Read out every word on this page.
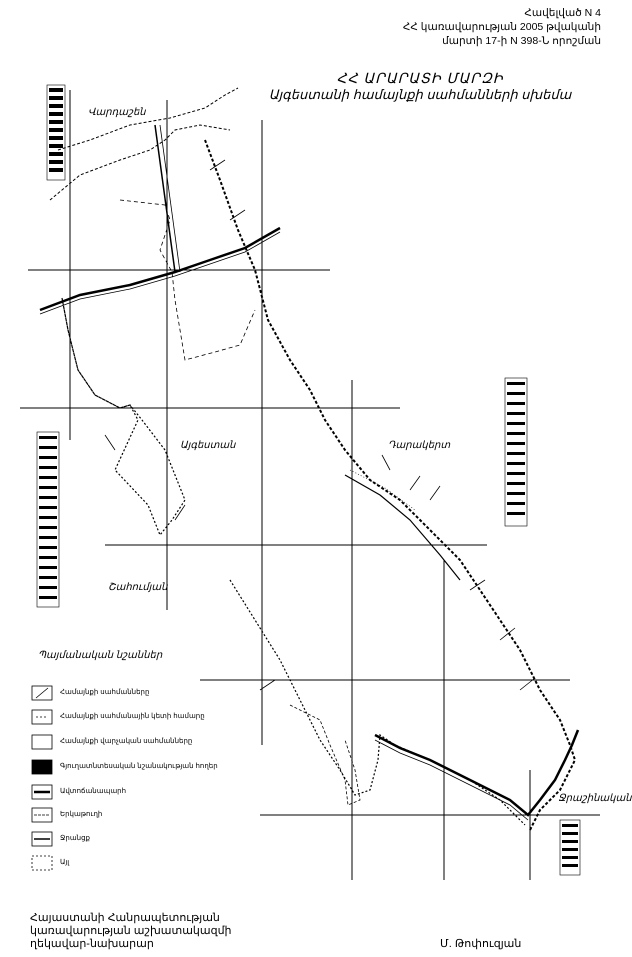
Հավելված N 4
ՀՀ կառավարության 2005 թվականի
մարտի 17-ի N 398-Ն որոշման
ՀՀ ԱՐԱՐԱՏԻ ՄԱՐԶԻ
Այգեստանի համայնքի սահմանների սխեմա
Վարդաշեն
Այգեստան	Դարակերտ
Շահումյան
Ջրաշինական
Պայմանական նշաններ
Համայնքի սահմանները
Համայնքի սահմանային կետի համարը
Համայնքի վարչական սահմանները
Գյուղատնտեսական նշանակության հողեր
Ավտոճանապարհ
Երկաթուղի
Ջրանցք
Այլ
Հայաստանի Հանրապետության
կառավարության աշխատակազմի
ղեկավար-նախարար	Մ. Թոփուզյան
